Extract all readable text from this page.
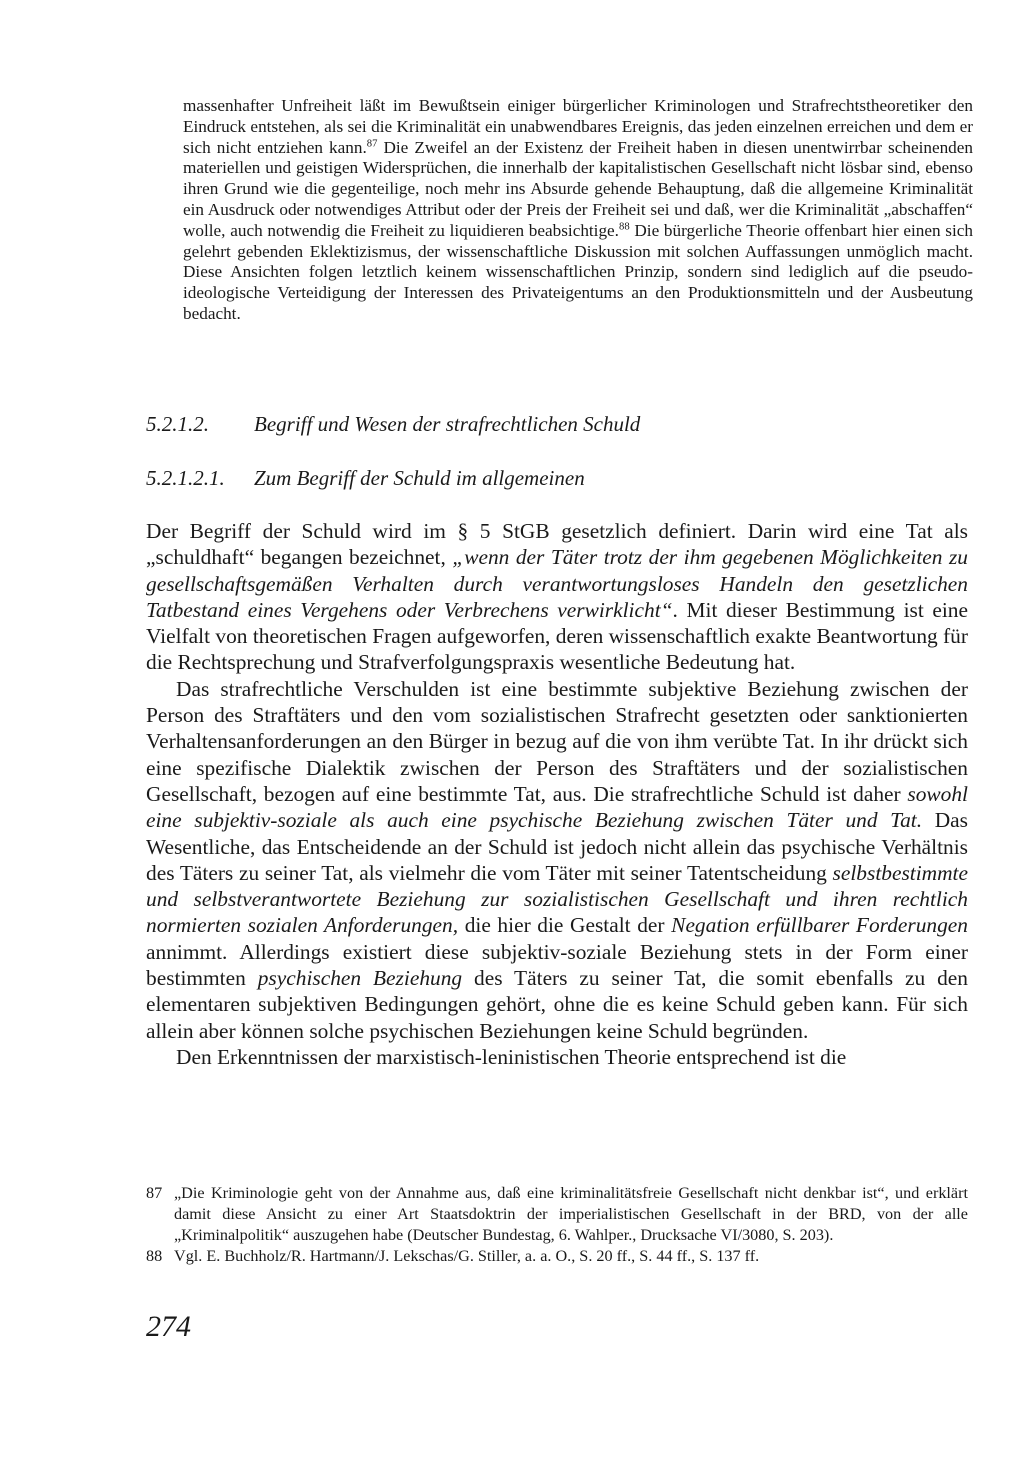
massenhafter Unfreiheit läßt im Bewußtsein einiger bürgerlicher Kriminologen und Strafrechtstheoretiker den Eindruck entstehen, als sei die Kriminalität ein unabwendbares Ereignis, das jeden einzelnen erreichen und dem er sich nicht entziehen kann.$^{87}$ Die Zweifel an der Existenz der Freiheit haben in diesen unentwirrbar scheinenden materiellen und geistigen Widersprüchen, die innerhalb der kapitalistischen Gesellschaft nicht lösbar sind, ebenso ihren Grund wie die gegenteilige, noch mehr ins Absurde gehende Behauptung, daß die allgemeine Kriminalität ein Ausdruck oder notwendiges Attribut oder der Preis der Freiheit sei und daß, wer die Kriminalität „abschaffen“ wolle, auch notwendig die Freiheit zu liquidieren beabsichtige.$^{88}$ Die bürgerliche Theorie offenbart hier einen sich gelehrt gebenden Eklektizismus, der wissenschaftliche Diskussion mit solchen Auffassungen unmöglich macht. Diese Ansichten folgen letztlich keinem wissenschaftlichen Prinzip, sondern sind lediglich auf die pseudo-ideologische Verteidigung der Interessen des Privateigentums an den Produktionsmitteln und der Ausbeutung bedacht.

5.2.1.2. Begriff und Wesen der strafrechtlichen Schuld
5.2.1.2.1. Zum Begriff der Schuld im allgemeinen

Der Begriff der Schuld wird im § 5 StGB gesetzlich definiert. Darin wird eine Tat als „schuldhaft“ begangen bezeichnet, „wenn der Täter trotz der ihm gegebenen Möglichkeiten zu gesellschaftsgemäßen Verhalten durch verantwortungsloses Handeln den gesetzlichen Tatbestand eines Vergehens oder Verbrechens verwirklicht“. Mit dieser Bestimmung ist eine Vielfalt von theoretischen Fragen aufgeworfen, deren wissenschaftlich exakte Beantwortung für die Rechtsprechung und Strafverfolgungspraxis wesentliche Bedeutung hat.

Das strafrechtliche Verschulden ist eine bestimmte subjektive Beziehung zwischen der Person des Straftäters und den vom sozialistischen Strafrecht gesetzten oder sanktionierten Verhaltensanforderungen an den Bürger in bezug auf die von ihm verübte Tat. In ihr drückt sich eine spezifische Dialektik zwischen der Person des Straftäters und der sozialistischen Gesellschaft, bezogen auf eine bestimmte Tat, aus. Die strafrechtliche Schuld ist daher sowohl eine subjektiv-soziale als auch eine psychische Beziehung zwischen Täter und Tat. Das Wesentliche, das Entscheidende an der Schuld ist jedoch nicht allein das psychische Verhältnis des Täters zu seiner Tat, als vielmehr die vom Täter mit seiner Tatentscheidung selbstbestimmte und selbstverantwortete Beziehung zur sozialistischen Gesellschaft und ihren rechtlich normierten sozialen Anforderungen, die hier die Gestalt der Negation erfüllbarer Forderungen annimmt. Allerdings existiert diese subjektiv-soziale Beziehung stets in der Form einer bestimmten psychischen Beziehung des Täters zu seiner Tat, die somit ebenfalls zu den elementaren subjektiven Bedingungen gehört, ohne die es keine Schuld geben kann. Für sich allein aber können solche psychischen Beziehungen keine Schuld begründen.

Den Erkenntnissen der marxistisch-leninistischen Theorie entsprechend ist die

87 „Die Kriminologie geht von der Annahme aus, daß eine kriminalitätsfreie Gesellschaft nicht denkbar ist“, und erklärt damit diese Ansicht zu einer Art Staatsdoktrin der imperialistischen Gesellschaft in der BRD, von der alle „Kriminalpolitik“ auszugehen habe (Deutscher Bundestag, 6. Wahlper., Drucksache VI/3080, S. 203).

88 Vgl. E. Buchholz/R. Hartmann/J. Lekschas/G. Stiller, a. a. O., S. 20 ff., S. 44 ff., S. 137 ff.

274
